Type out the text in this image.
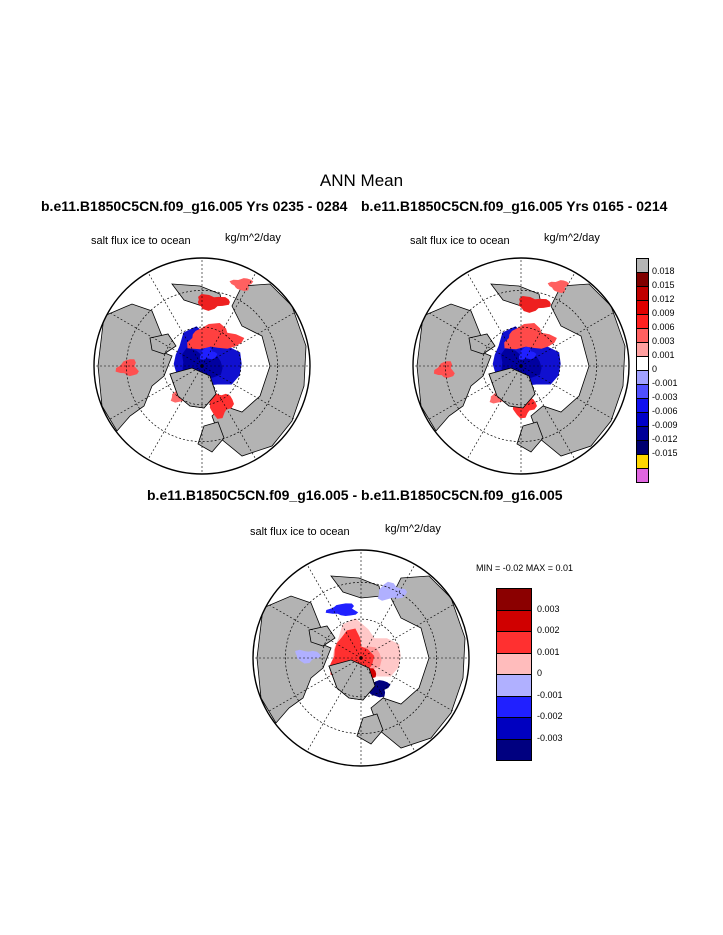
ANN Mean
b.e11.B1850C5CN.f09_g16.005 Yrs 0235 - 0284
salt flux ice to ocean	kg/m^2/day
b.e11.B1850C5CN.f09_g16.005 Yrs 0165 - 0214
salt flux ice to ocean	kg/m^2/day
0.018
0.015
0.012
0.009
0.006
0.003
0.001
0
-0.001
-0.003
-0.006
-0.009
-0.012
-0.015
b.e11.B1850C5CN.f09_g16.005 - b.e11.B1850C5CN.f09_g16.005
salt flux ice to ocean	kg/m^2/day
MIN = -0.02 MAX = 0.01
0.003
0.002
0.001
0
-0.001
-0.002
-0.003
